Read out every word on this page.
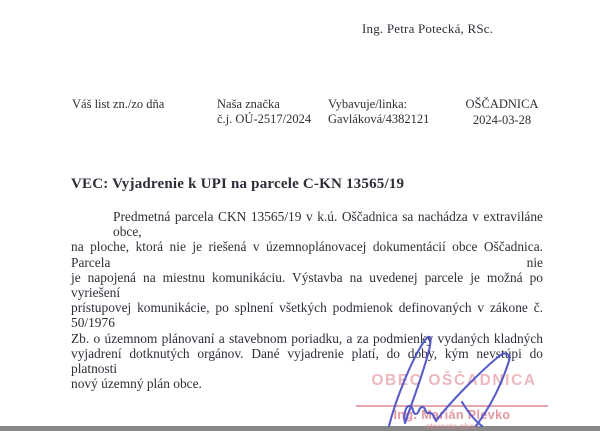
Ing. Petra Potecká, RSc.
Váš list zn./zo dňa	Naša značka
č.j. OÚ-2517/2024
Vybavuje/linka:
Gavláková/4382121
OŠČADNICA
2024-03-28
VEC: Vyjadrenie k UPI na parcele C-KN 13565/19
Predmetná parcela CKN 13565/19 v k.ú. Oščadnica sa nachádza v extraviláne obce,
na ploche, ktorá nie je riešená v územnoplánovacej dokumentácií obce Oščadnica. Parcela nie
je napojená na miestnu komunikáciu. Výstavba na uvedenej parcele je možná po vyriešení
prístupovej komunikácie, po splnení všetkých podmienok definovaných v zákone č. 50/1976
Zb. o územnom plánovaní a stavebnom poriadku, a za podmienky vydaných kladných
vyjadrení dotknutých orgánov. Dané vyjadrenie platí, do doby, kým nevstúpi do platnosti
nový územný plán obce.	OBEC OŠČADNICA
Ing. Marián Plevko
starosta obce
